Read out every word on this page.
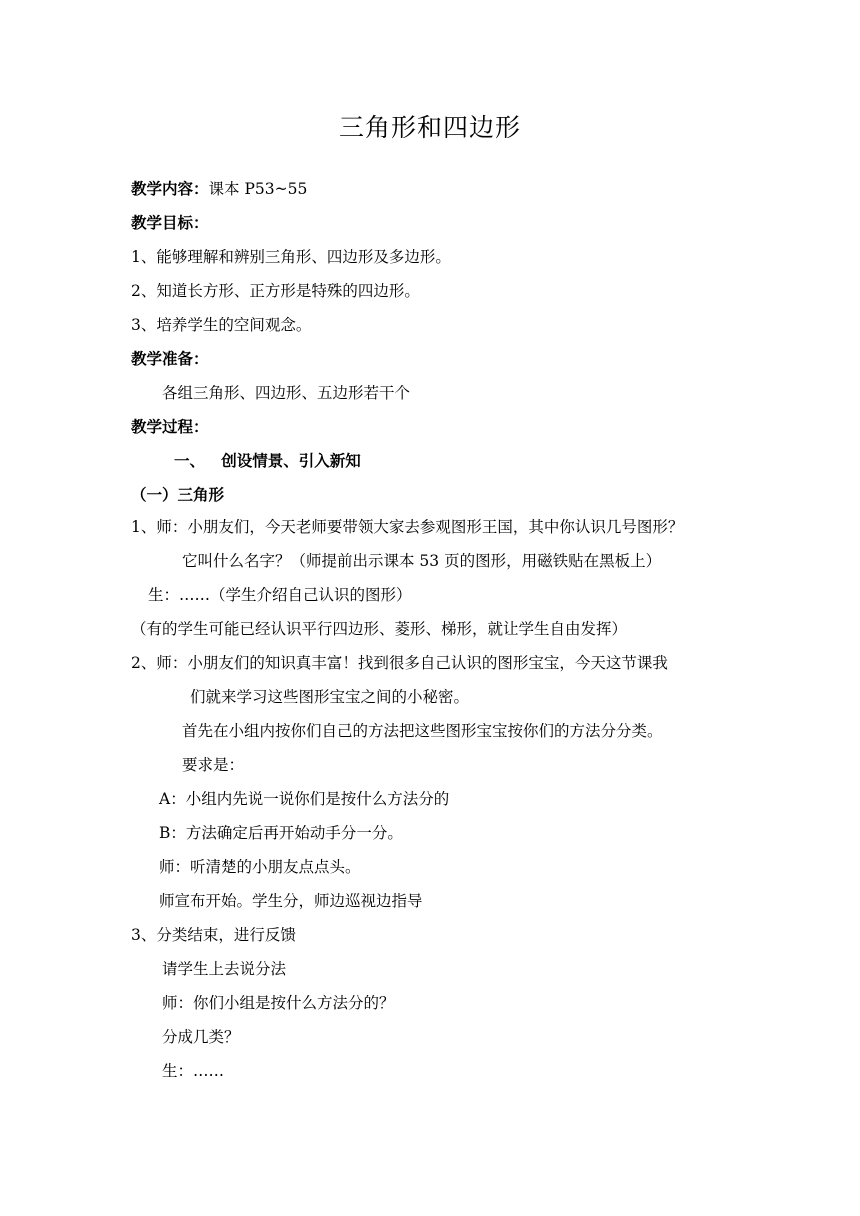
三角形和四边形
教学内容：课本 P53~55
教学目标：
1、能够理解和辨别三角形、四边形及多边形。
2、知道长方形、正方形是特殊的四边形。
3、培养学生的空间观念。
教学准备：
各组三角形、四边形、五边形若干个
教学过程：
一、   创设情景、引入新知
（一）三角形
1、师：小朋友们，今天老师要带领大家去参观图形王国，其中你认识几号图形？
它叫什么名字？（师提前出示课本 53 页的图形，用磁铁贴在黑板上）
生：……（学生介绍自己认识的图形）
（有的学生可能已经认识平行四边形、菱形、梯形，就让学生自由发挥）
2、师：小朋友们的知识真丰富！找到很多自己认识的图形宝宝，今天这节课我
们就来学习这些图形宝宝之间的小秘密。
首先在小组内按你们自己的方法把这些图形宝宝按你们的方法分分类。
要求是：
A：小组内先说一说你们是按什么方法分的
B：方法确定后再开始动手分一分。
师：听清楚的小朋友点点头。
师宣布开始。学生分，师边巡视边指导
3、分类结束，进行反馈
请学生上去说分法
师：你们小组是按什么方法分的？
分成几类？
生：……
